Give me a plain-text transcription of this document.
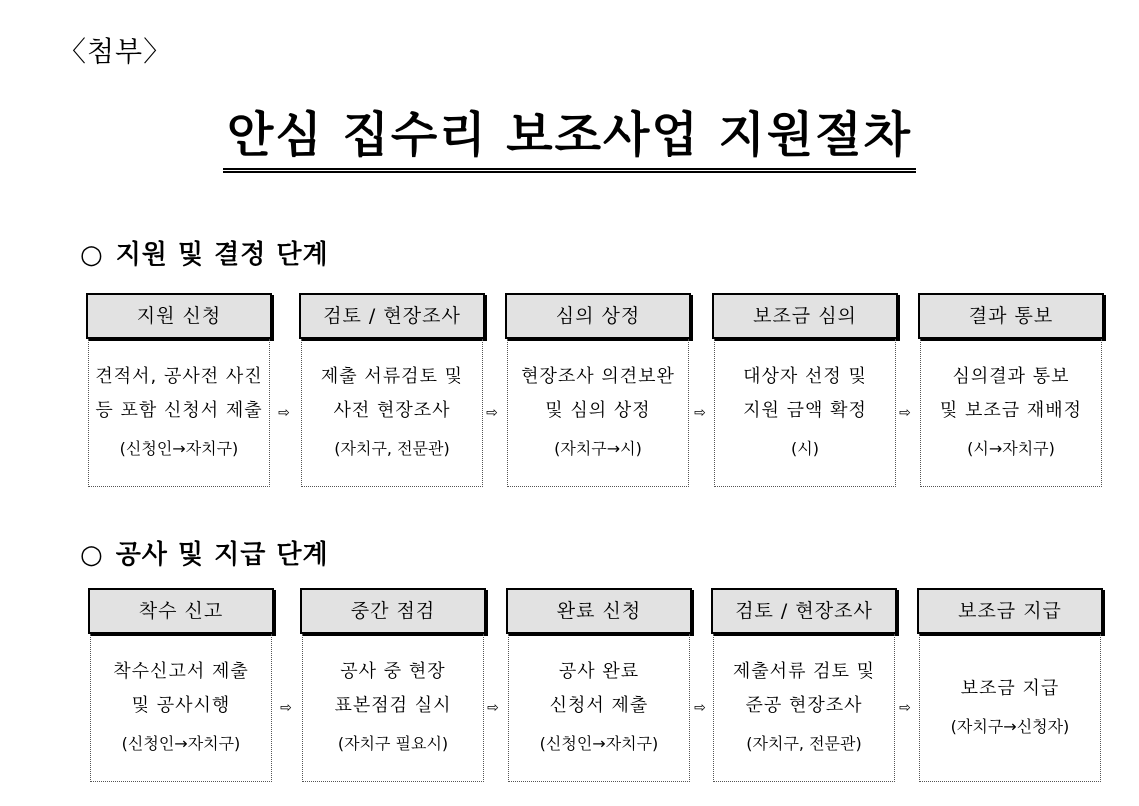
〈첨부〉
안심 집수리 보조사업 지원절차
○ 지원 및 결정 단계
지원 신청
견적서, 공사전 사진
등 포함 신청서 제출
(신청인→자치구)
⇨
검토 / 현장조사
제출 서류검토 및
사전 현장조사
(자치구, 전문관)
⇨
심의 상정
현장조사 의견보완
및 심의 상정
(자치구→시)
⇨
보조금 심의
대상자 선정 및
지원 금액 확정
(시)
⇨
결과 통보
심의결과 통보
및 보조금 재배정
(시→자치구)
○ 공사 및 지급 단계
착수 신고
착수신고서 제출
및 공사시행
(신청인→자치구)
⇨
중간 점검
공사 중 현장
표본점검 실시
(자치구 필요시)
⇨
완료 신청
공사 완료
신청서 제출
(신청인→자치구)
⇨
검토 / 현장조사
제출서류 검토 및
준공 현장조사
(자치구, 전문관)
⇨
보조금 지급
보조금 지급
(자치구→신청자)
